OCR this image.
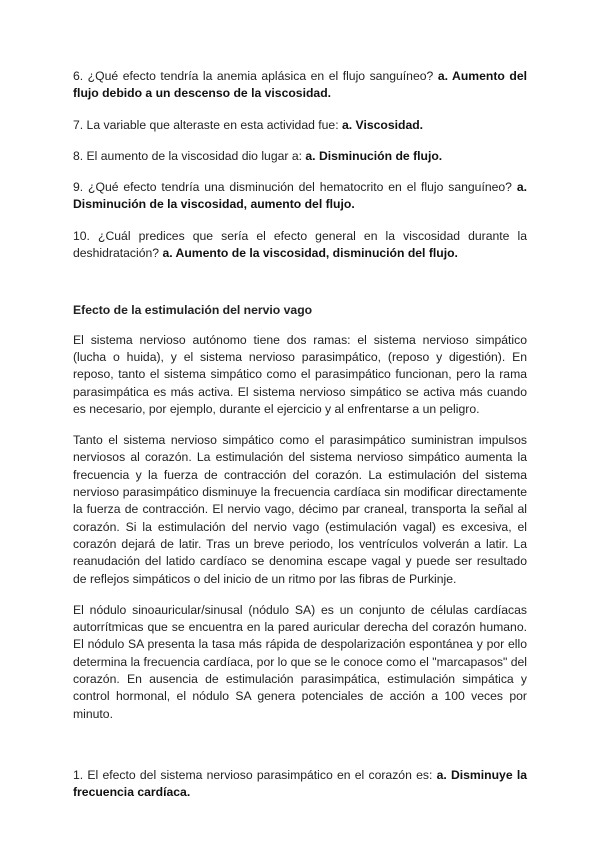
6. ¿Qué efecto tendría la anemia aplásica en el flujo sanguíneo? a. Aumento del flujo debido a un descenso de la viscosidad.

7. La variable que alteraste en esta actividad fue: a. Viscosidad.

8. El aumento de la viscosidad dio lugar a: a. Disminución de flujo.

9. ¿Qué efecto tendría una disminución del hematocrito en el flujo sanguíneo? a. Disminución de la viscosidad, aumento del flujo.

10. ¿Cuál predices que sería el efecto general en la viscosidad durante la deshidratación? a. Aumento de la viscosidad, disminución del flujo.

Efecto de la estimulación del nervio vago

El sistema nervioso autónomo tiene dos ramas: el sistema nervioso simpático (lucha o huida), y el sistema nervioso parasimpático, (reposo y digestión). En reposo, tanto el sistema simpático como el parasimpático funcionan, pero la rama parasimpática es más activa. El sistema nervioso simpático se activa más cuando es necesario, por ejemplo, durante el ejercicio y al enfrentarse a un peligro.

Tanto el sistema nervioso simpático como el parasimpático suministran impulsos nerviosos al corazón. La estimulación del sistema nervioso simpático aumenta la frecuencia y la fuerza de contracción del corazón. La estimulación del sistema nervioso parasimpático disminuye la frecuencia cardíaca sin modificar directamente la fuerza de contracción. El nervio vago, décimo par craneal, transporta la señal al corazón. Si la estimulación del nervio vago (estimulación vagal) es excesiva, el corazón dejará de latir. Tras un breve periodo, los ventrículos volverán a latir. La reanudación del latido cardíaco se denomina escape vagal y puede ser resultado de reflejos simpáticos o del inicio de un ritmo por las fibras de Purkinje.

El nódulo sinoauricular/sinusal (nódulo SA) es un conjunto de células cardíacas autorrítmicas que se encuentra en la pared auricular derecha del corazón humano. El nódulo SA presenta la tasa más rápida de despolarización espontánea y por ello determina la frecuencia cardíaca, por lo que se le conoce como el "marcapasos" del corazón. En ausencia de estimulación parasimpática, estimulación simpática y control hormonal, el nódulo SA genera potenciales de acción a 100 veces por minuto.

1. El efecto del sistema nervioso parasimpático en el corazón es: a. Disminuye la frecuencia cardíaca.
